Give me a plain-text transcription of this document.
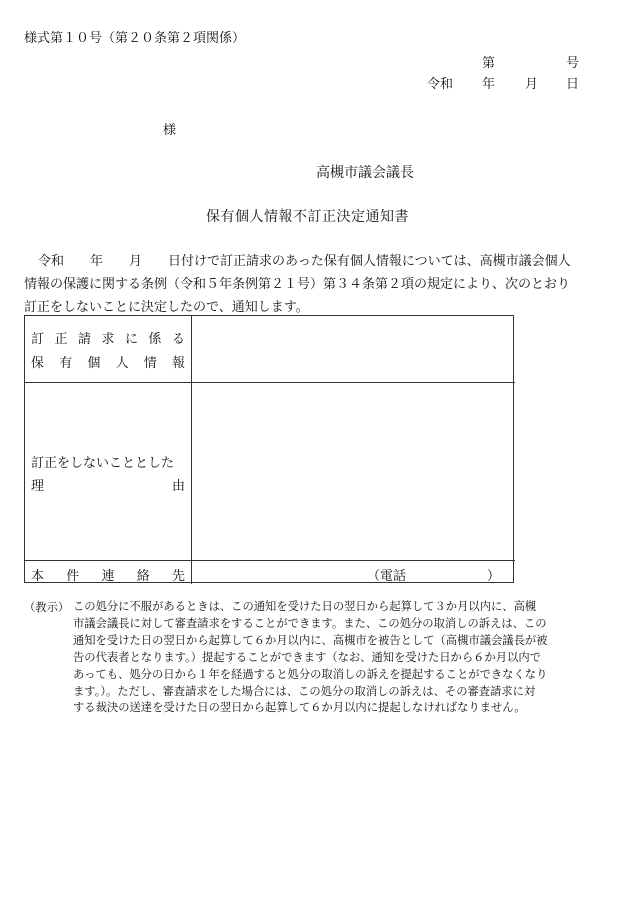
様式第１０号（第２０条第２項関係）
第	号
令和 年 月 日
様
高槻市議会議長
保有個人情報不訂正決定通知書
令和　　年　　月　　日付けで訂正請求のあった保有個人情報については、高槻市議会個人
情報の保護に関する条例（令和５年条例第２１号）第３４条第２項の規定により、次のとおり
訂正をしないことに決定したので、通知します。
訂 正 請 求 に 係 る
保 有 個 人 情 報
訂正をしないこととした
理	由
本 件 連 絡 先	（電話	）
（教示） この処分に不服があるときは、この通知を受けた日の翌日から起算して３か月以内に、高槻
市議会議長に対して審査請求をすることができます。また、この処分の取消しの訴えは、この
通知を受けた日の翌日から起算して６か月以内に、高槻市を被告として（高槻市議会議長が被
告の代表者となります。）提起することができます（なお、通知を受けた日から６か月以内で
あっても、処分の日から１年を経過すると処分の取消しの訴えを提起することができなくなり
ます。）。ただし、審査請求をした場合には、この処分の取消しの訴えは、その審査請求に対
する裁決の送達を受けた日の翌日から起算して６か月以内に提起しなければなりません。
